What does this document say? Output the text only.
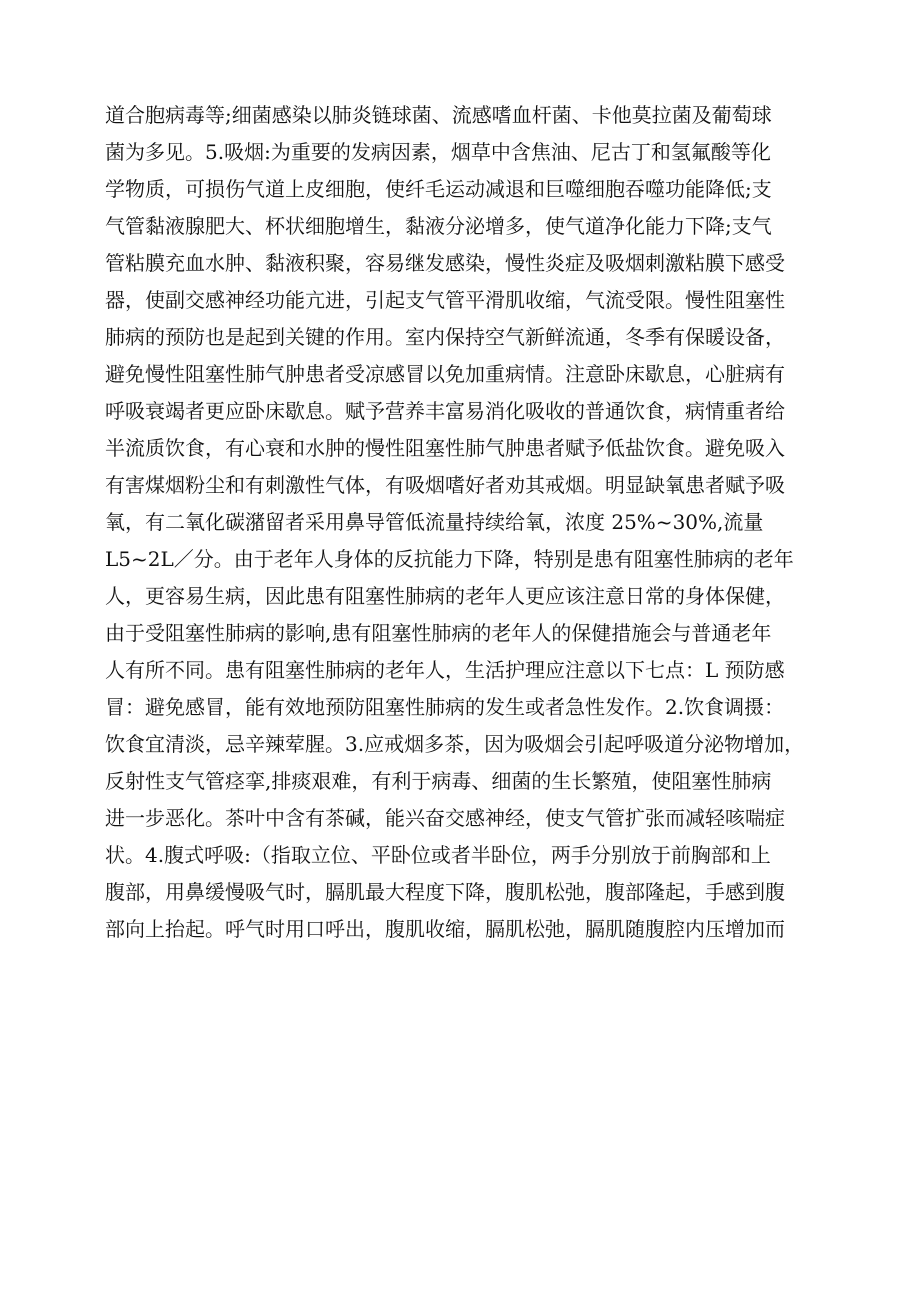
道合胞病毒等;细菌感染以肺炎链球菌、流感嗜血杆菌、卡他莫拉菌及葡萄球
菌为多见。5.吸烟:为重要的发病因素，烟草中含焦油、尼古丁和氢氟酸等化
学物质，可损伤气道上皮细胞，使纤毛运动减退和巨噬细胞吞噬功能降低;支
气管黏液腺肥大、杯状细胞增生，黏液分泌增多，使气道净化能力下降;支气
管粘膜充血水肿、黏液积聚，容易继发感染，慢性炎症及吸烟刺激粘膜下感受
器，使副交感神经功能亢进，引起支气管平滑肌收缩，气流受限。慢性阻塞性
肺病的预防也是起到关键的作用。室内保持空气新鲜流通，冬季有保暖设备，
避免慢性阻塞性肺气肿患者受凉感冒以免加重病情。注意卧床歇息，心脏病有
呼吸衰竭者更应卧床歇息。赋予营养丰富易消化吸收的普通饮食，病情重者给
半流质饮食，有心衰和水肿的慢性阻塞性肺气肿患者赋予低盐饮食。避免吸入
有害煤烟粉尘和有刺激性气体，有吸烟嗜好者劝其戒烟。明显缺氧患者赋予吸
氧，有二氧化碳潴留者采用鼻导管低流量持续给氧，浓度 25%~30%,流量
L5~2L／分。由于老年人身体的反抗能力下降，特别是患有阻塞性肺病的老年
人，更容易生病，因此患有阻塞性肺病的老年人更应该注意日常的身体保健，
由于受阻塞性肺病的影响,患有阻塞性肺病的老年人的保健措施会与普通老年
人有所不同。患有阻塞性肺病的老年人，生活护理应注意以下七点：L 预防感
冒：避免感冒，能有效地预防阻塞性肺病的发生或者急性发作。2.饮食调摄：
饮食宜清淡，忌辛辣荤腥。3.应戒烟多茶，因为吸烟会引起呼吸道分泌物增加，
反射性支气管痉挛,排痰艰难，有利于病毒、细菌的生长繁殖，使阻塞性肺病
进一步恶化。茶叶中含有茶碱，能兴奋交感神经，使支气管扩张而减轻咳喘症
状。4.腹式呼吸:（指取立位、平卧位或者半卧位，两手分别放于前胸部和上
腹部，用鼻缓慢吸气时，膈肌最大程度下降，腹肌松弛，腹部隆起，手感到腹
部向上抬起。呼气时用口呼出，腹肌收缩，膈肌松弛，膈肌随腹腔内压增加而
